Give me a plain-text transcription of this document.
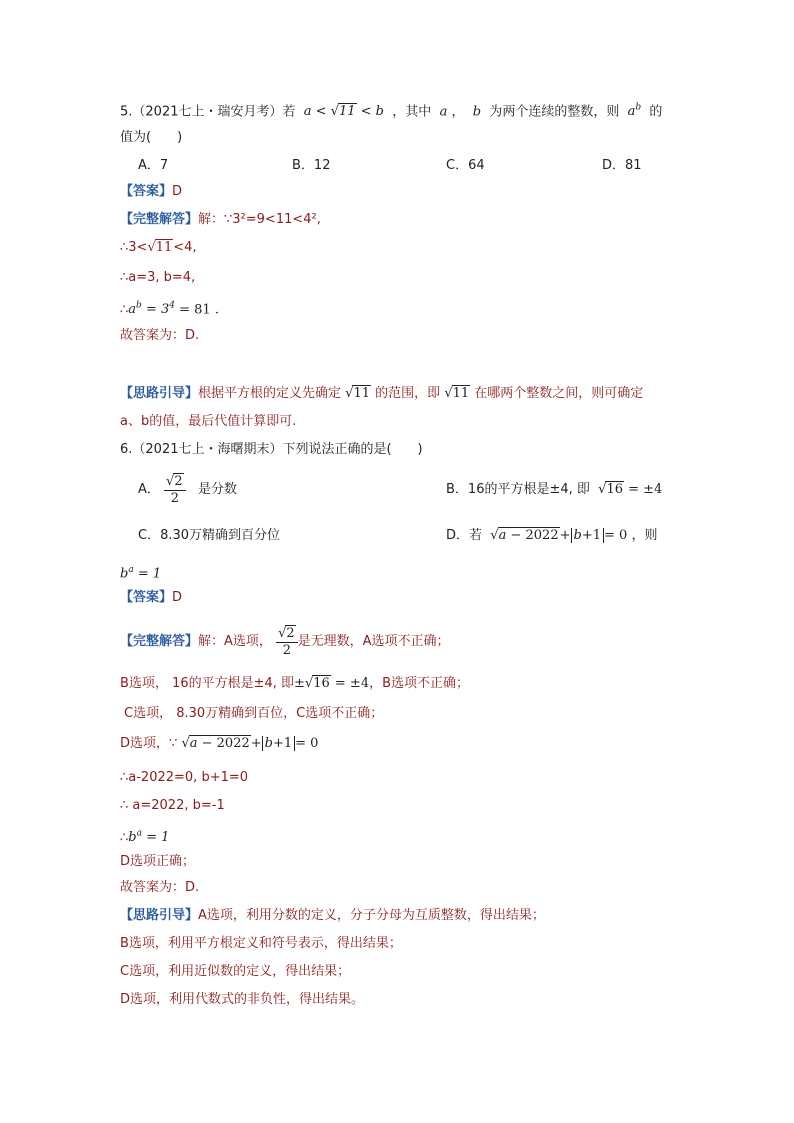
5.（2021七上・瑞安月考）若  a < √11 < b  ，其中  a ，  b  为两个连续的整数，则  $a^b$ 的
值为(　　)
A．7	B．12	C．64	D．81
【答案】D
【完整解答】解：∵3²=9<11<4²,
∴3<√11<4,
∴a=3, b=4,
$\therefore a^b = 3^4 = 81$ .
故答案为：D.
【思路引导】根据平方根的定义先确定 √11 的范围，即 √11 在哪两个整数之间，则可确定
a、b的值，最后代值计算即可.
6.（2021七上・海曙期末）下列说法正确的是(　　)
A． $\frac{√2}{2}$ 是分数	B．16的平方根是±4, 即  √16 = ±4
C．8.30万精确到百分位	D．若  √a − 2022+ b+1 = 0 ，则
$b^a = 1$
【答案】D
【完整解答】解：A选项， $\frac{√2}{2}$ 是无理数，A选项不正确；
B选项， 16的平方根是±4, 即±√16 = ±4，B选项不正确；
C选项， 8.30万精确到百位，C选项不正确；
D选项，∵ √a − 2022+ b+1 = 0
∴a-2022=0, b+1=0
∴ a=2022, b=-1
$\therefore b^a = 1$
D选项正确；
故答案为：D.
【思路引导】A选项，利用分数的定义，分子分母为互质整数，得出结果；
B选项，利用平方根定义和符号表示，得出结果；
C选项，利用近似数的定义，得出结果；
D选项，利用代数式的非负性，得出结果。
